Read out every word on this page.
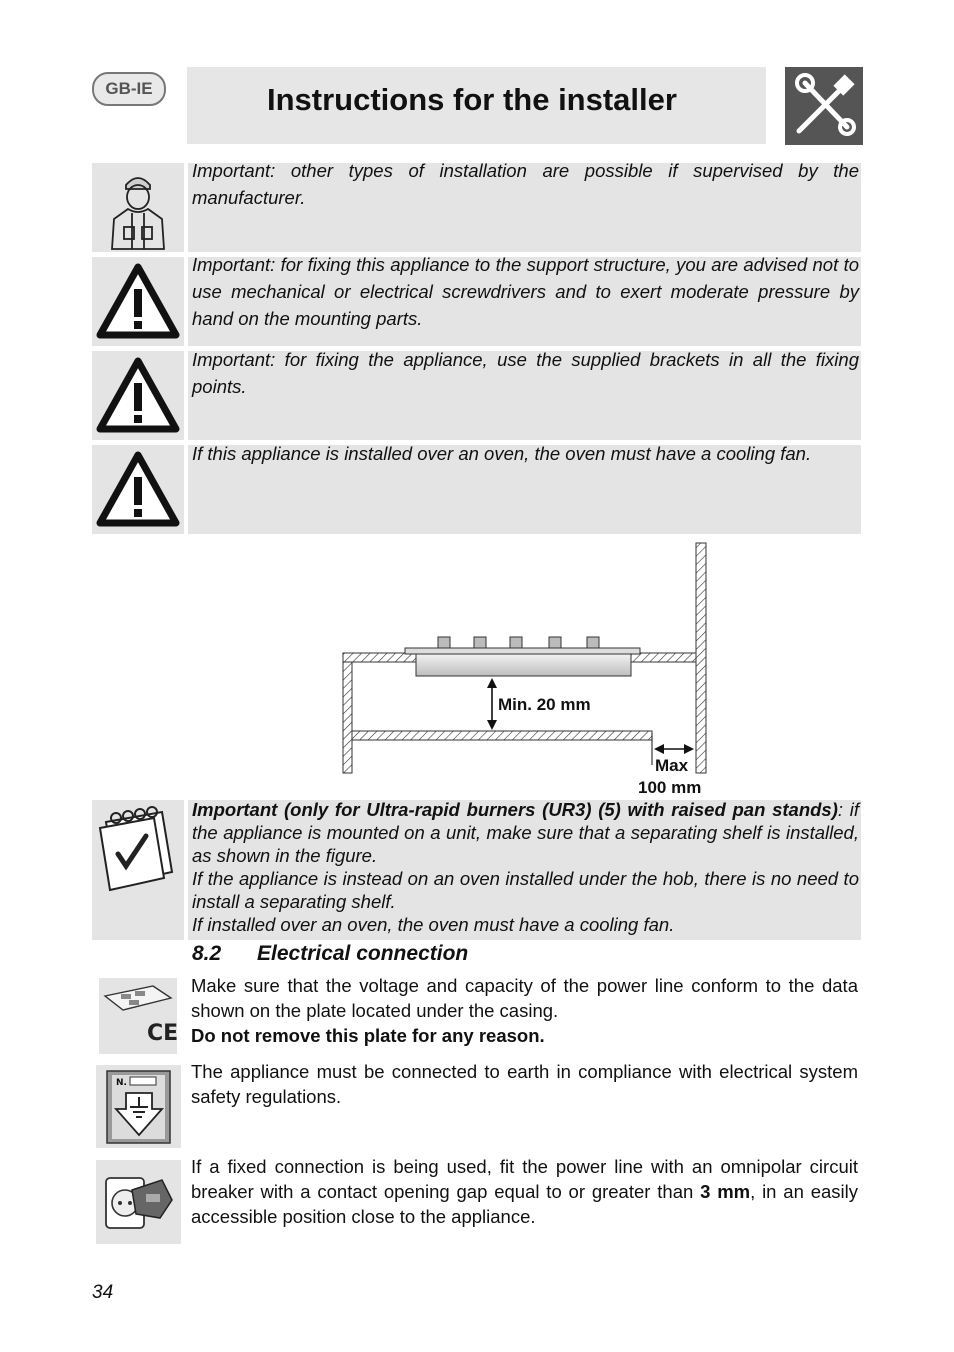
GB-IE	Instructions for the installer
Important: other types of installation are possible if supervised by the manufacturer.
Important: for fixing this appliance to the support structure, you are advised not to use mechanical or electrical screwdrivers and to exert moderate pressure by hand on the mounting parts.
Important: for fixing the appliance, use the supplied brackets in all the fixing points.
If this appliance is installed over an oven, the oven must have a cooling fan.
Min. 20 mm
Max
100 mm
Important (only for Ultra-rapid burners (UR3) (5) with raised pan stands): if the appliance is mounted on a unit, make sure that a separating shelf is installed, as shown in the figure.
If the appliance is instead on an oven installed under the hob, there is no need to install a separating shelf.
If installed over an oven, the oven must have a cooling fan.
8.2 Electrical connection
CE
Make sure that the voltage and capacity of the power line conform to the data shown on the plate located under the casing.
Do not remove this plate for any reason.
N.
The appliance must be connected to earth in compliance with electrical system safety regulations.
If a fixed connection is being used, fit the power line with an omnipolar circuit breaker with a contact opening gap equal to or greater than 3 mm, in an easily accessible position close to the appliance.
34
